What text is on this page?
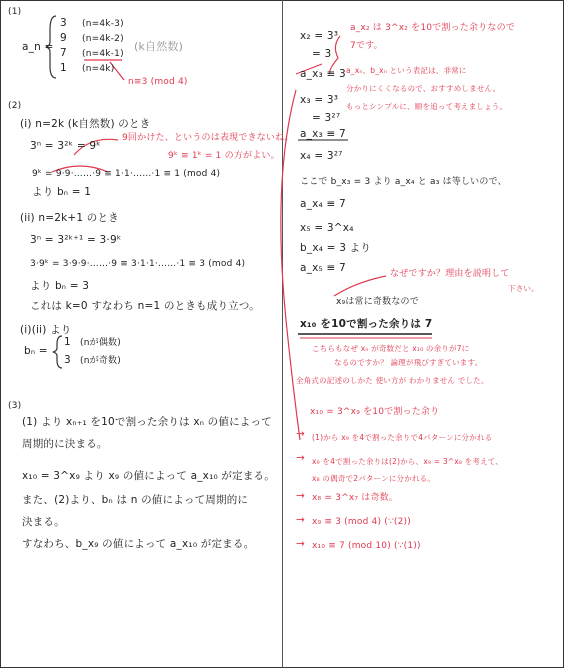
(1)
a_n =
3 (n=4k-3)
9 (n=4k-2)
7 (n=4k-1)
1 (n=4k)
(k自然数)
n≡3 (mod 4)
(2)
(i) n=2k (k自然数) のとき
3ⁿ = 3²ᵏ = 9ᵏ
9回かけた、というのは表現できないね。
9ᵏ ≡ 1ᵏ = 1 の方がよい。
9ᵏ = 9·9·……·9 ≡ 1·1·……·1 ≡ 1 (mod 4)
より bₙ = 1
(ii) n=2k+1 のとき
3ⁿ = 3²ᵏ⁺¹ = 3·9ᵏ
3·9ᵏ = 3·9·9·……·9 ≡ 3·1·1·……·1 ≡ 3 (mod 4)
より bₙ = 3
これは k=0 すなわち n=1 のときも成り立つ。
(i)(ii) より
bₙ =
1 (nが偶数)
3 (nが奇数)
(3)
(1) より xₙ₊₁ を10で割った余りは xₙ の値によって
周期的に決まる。
x₁₀ = 3^x₉ より x₉ の値によって a_x₁₀ が定まる。
また、(2)より、bₙ は n の値によって周期的に
決まる。
すなわち、b_x₉ の値によって a_x₁₀ が定まる。
x₂ = 3³
= 3
a_x₃ ≡ 3
x₃ = 3³
= 3²⁷
a_x₃ ≡ 7
x₄ = 3²⁷
ここで b_x₃ = 3 より a_x₄ と a₃ は等しいので、
a_x₄ ≡ 7
x₅ = 3^x₄
b_x₄ = 3 より
a_x₅ ≡ 7
a_x₂ は 3^x₂ を10で割った余りなので
7です。
a_xₙ、b_xₙ という表記は、非常に
分かりにくくなるので、おすすめしません。
もっとシンプルに、順を追って考えましょう。
なぜですか？理由を説明して
下さい。
x₉は常に奇数なので
x₁₀ を10で割った余りは 7
こちらもなぜ xₙ が奇数だと x₁₀ の余りが7に
なるのですか？ 論理が飛びすぎています。
全角式の記述のしかた 使い方が わかりません でした。
x₁₀ = 3^x₉ を10で割った余り
→ (1)から x₉ を4で割った余りで4パターンに分かれる
→ x₉ を4で割った余りは(2)から、x₉ = 3^x₈ を考えて、
x₈ の偶奇で2パターンに分かれる。
→ x₈ = 3^x₇ は奇数。
→ x₉ ≡ 3 (mod 4) (∵(2))
→ x₁₀ ≡ 7 (mod 10) (∵(1))
